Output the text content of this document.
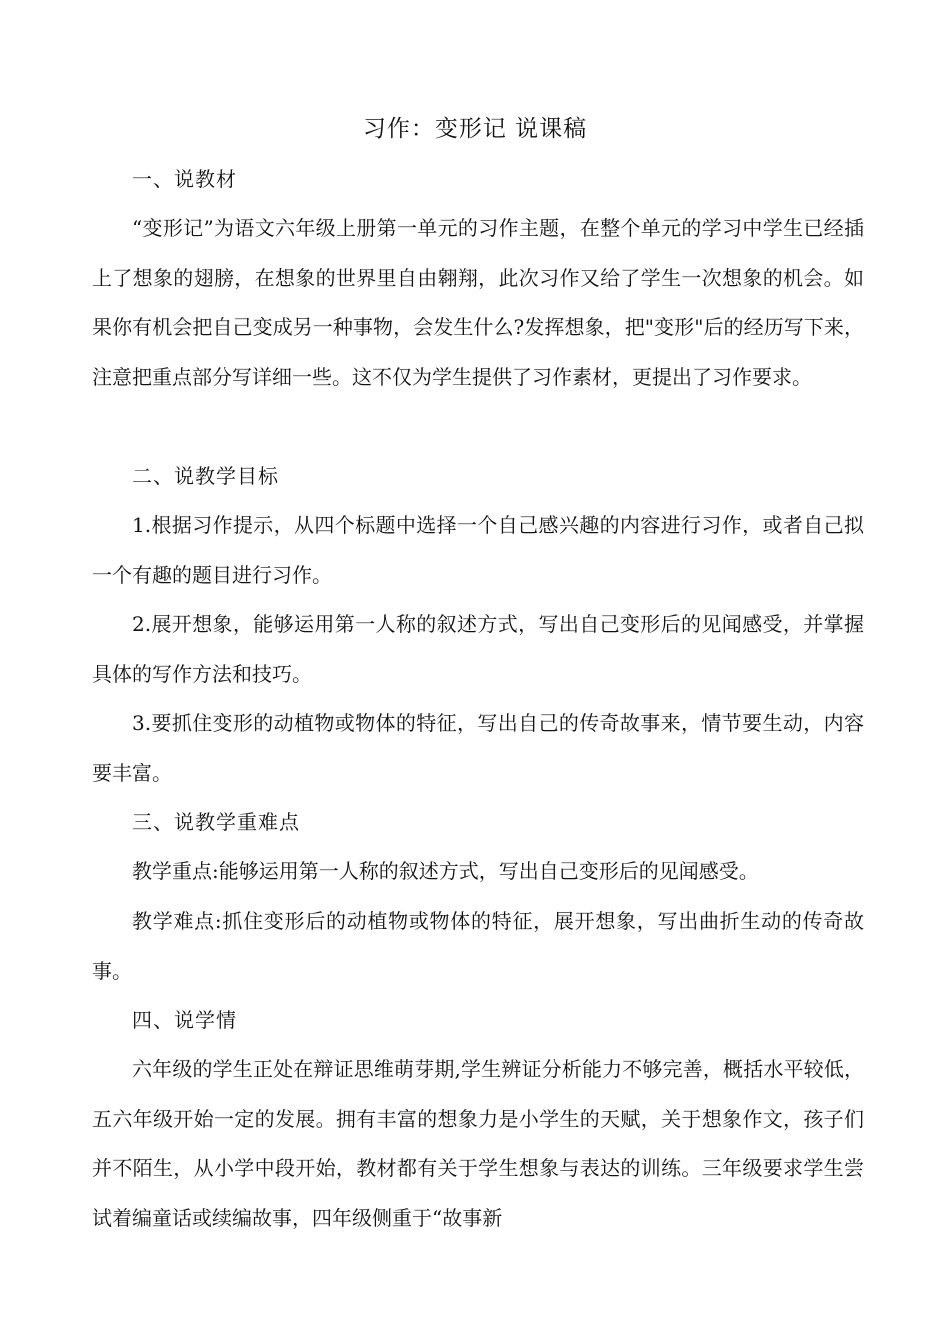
习作：变形记 说课稿

一、说教材

“变形记”为语文六年级上册第一单元的习作主题，在整个单元的学习中学生已经插上了想象的翅膀，在想象的世界里自由翱翔，此次习作又给了学生一次想象的机会。如果你有机会把自己变成另一种事物，会发生什么?发挥想象，把"变形"后的经历写下来，注意把重点部分写详细一些。这不仅为学生提供了习作素材，更提出了习作要求。

二、说教学目标

1.根据习作提示，从四个标题中选择一个自己感兴趣的内容进行习作，或者自己拟一个有趣的题目进行习作。

2.展开想象，能够运用第一人称的叙述方式，写出自己变形后的见闻感受，并掌握具体的写作方法和技巧。

3.要抓住变形的动植物或物体的特征，写出自己的传奇故事来，情节要生动，内容要丰富。

三、说教学重难点

教学重点:能够运用第一人称的叙述方式，写出自己变形后的见闻感受。

教学难点:抓住变形后的动植物或物体的特征，展开想象，写出曲折生动的传奇故事。

四、说学情

六年级的学生正处在辩证思维萌芽期,学生辨证分析能力不够完善，概括水平较低，五六年级开始一定的发展。拥有丰富的想象力是小学生的天赋，关于想象作文，孩子们并不陌生，从小学中段开始，教材都有关于学生想象与表达的训练。三年级要求学生尝试着编童话或续编故事，四年级侧重于“故事新
